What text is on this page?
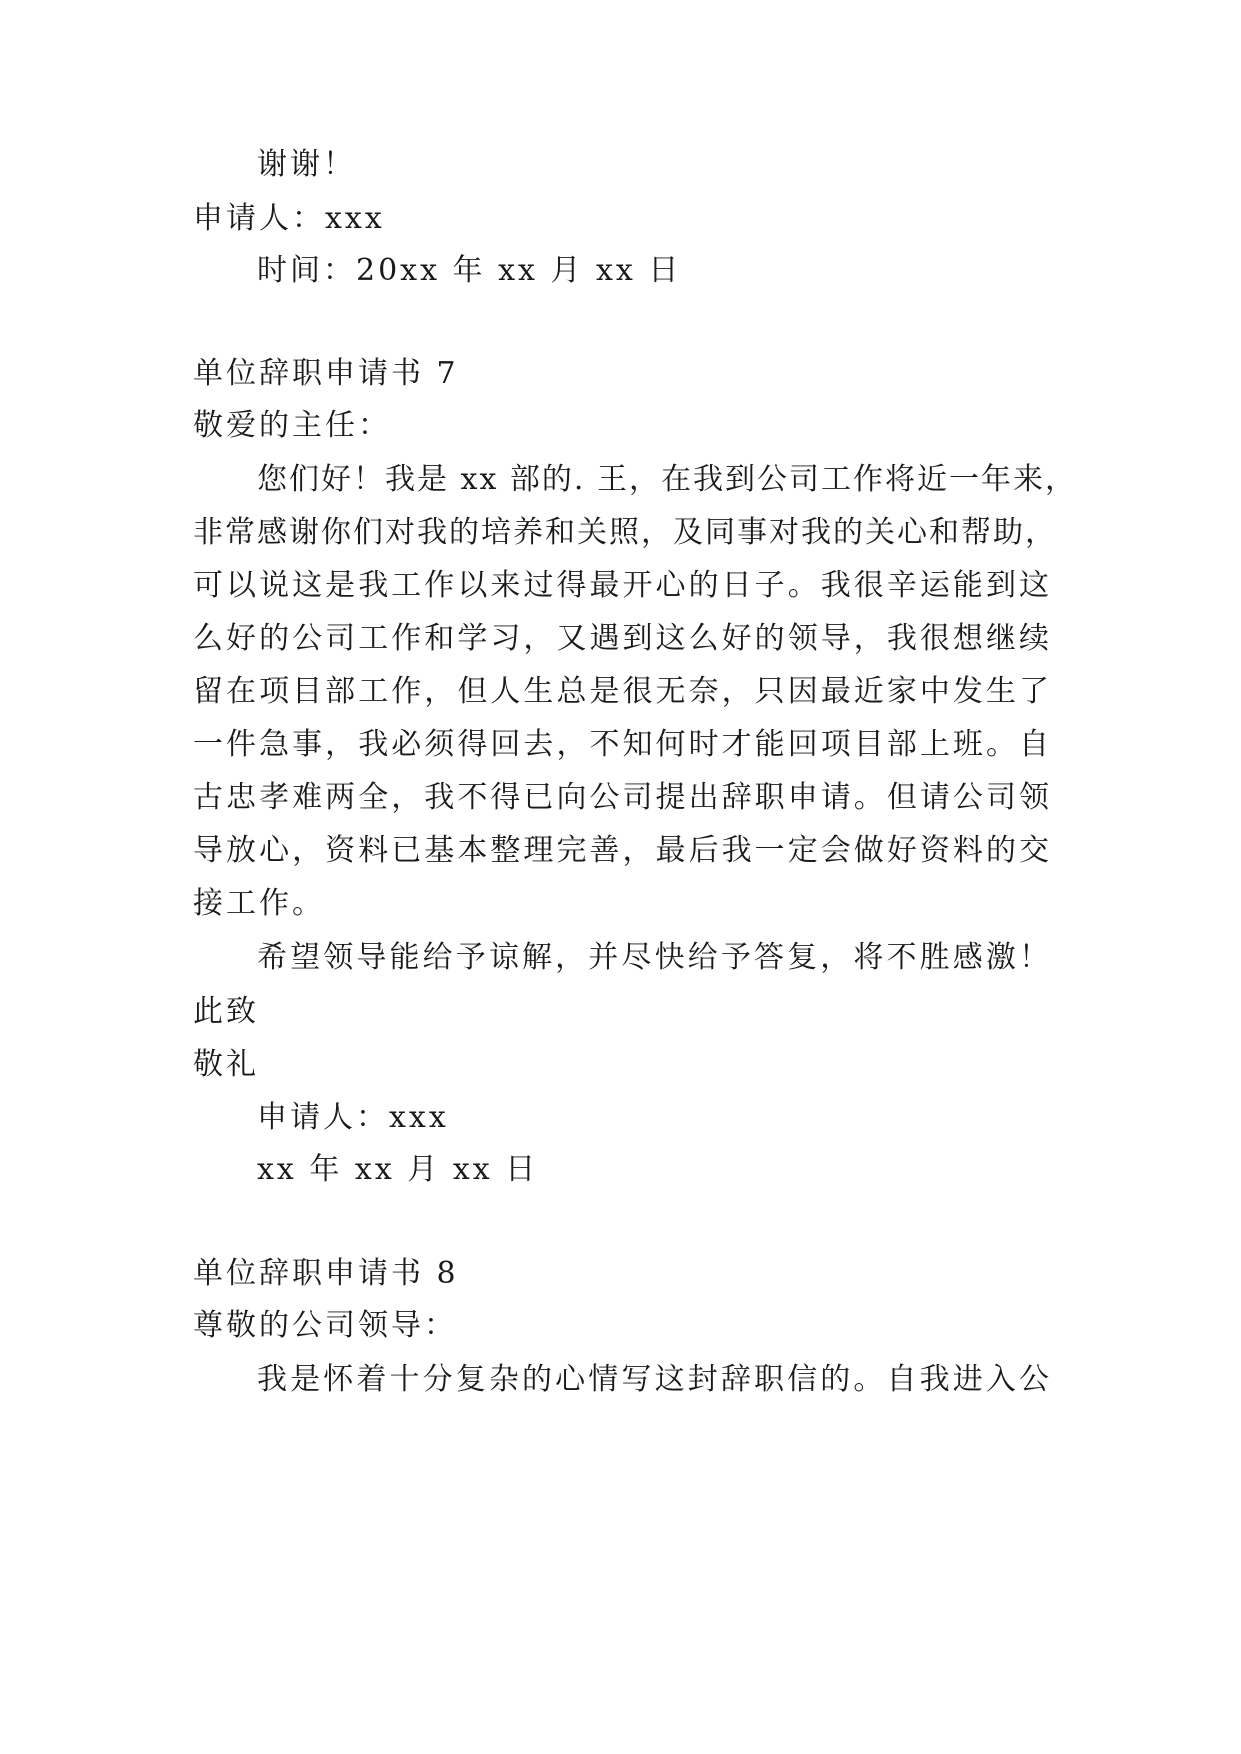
谢谢！
申请人：xxx
时间：20xx 年 xx 月 xx 日
单位辞职申请书 7
敬爱的主任：
您们好！我是 xx 部的. 王，在我到公司工作将近一年来，
非常感谢你们对我的培养和关照，及同事对我的关心和帮助，
可以说这是我工作以来过得最开心的日子。我很辛运能到这
么好的公司工作和学习，又遇到这么好的领导，我很想继续
留在项目部工作，但人生总是很无奈，只因最近家中发生了
一件急事，我必须得回去，不知何时才能回项目部上班。自
古忠孝难两全，我不得已向公司提出辞职申请。但请公司领
导放心，资料已基本整理完善，最后我一定会做好资料的交
接工作。
希望领导能给予谅解，并尽快给予答复，将不胜感激！
此致
敬礼
申请人：xxx
xx 年 xx 月 xx 日
单位辞职申请书 8
尊敬的公司领导：
我是怀着十分复杂的心情写这封辞职信的。自我进入公
